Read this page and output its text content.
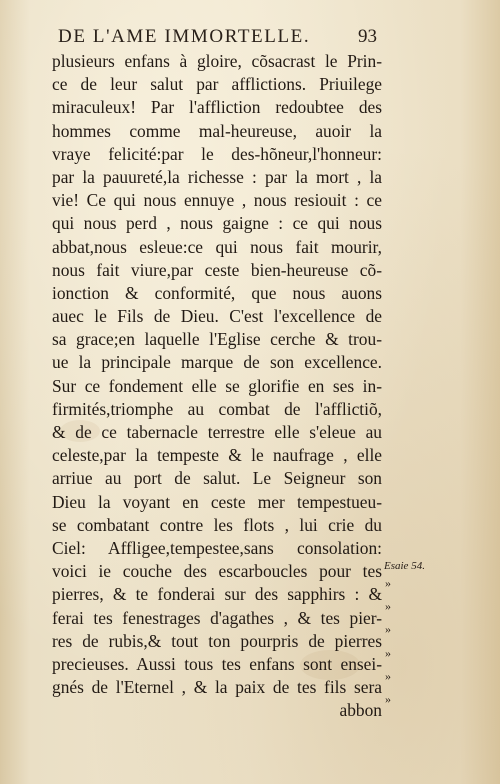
DE L'AME IMMORTELLE.	93
plusieurs enfans à gloire, cõsacrast le Prin-
ce de leur salut par afflictions. Priuilege
miraculeux! Par l'affliction redoubtee des
hommes comme mal-heureuse, auoir la
vraye felicité:par le des-hõneur,l'honneur:
par la pauureté,la richesse : par la mort , la
vie! Ce qui nous ennuye , nous resiouit : ce
qui nous perd , nous gaigne : ce qui nous
abbat,nous esleue:ce qui nous fait mourir,
nous fait viure,par ceste bien-heureuse cõ-
ionction & conformité, que nous auons
auec le Fils de Dieu. C'est l'excellence de
sa grace;en laquelle l'Eglise cerche & trou-
ue la principale marque de son excellence.
Sur ce fondement elle se glorifie en ses in-
firmités,triomphe au combat de l'afflictiõ,
& de ce tabernacle terrestre elle s'eleue au
celeste,par la tempeste & le naufrage , elle
arriue au port de salut. Le Seigneur son
Dieu la voyant en ceste mer tempestueu-
se combatant contre les flots , lui crie du
Ciel: Affligee,tempestee,sans consolation:
voici ie couche des escarboucles pour tes
pierres, & te fonderai sur des sapphirs : &
ferai tes fenestrages d'agathes , & tes pier-
res de rubis,& tout ton pourpris de pierres
precieuses. Aussi tous tes enfans sont ensei-
gnés de l'Eternel , & la paix de tes fils sera
abbon
Esaie 54.
»
»
»
»
»
»
